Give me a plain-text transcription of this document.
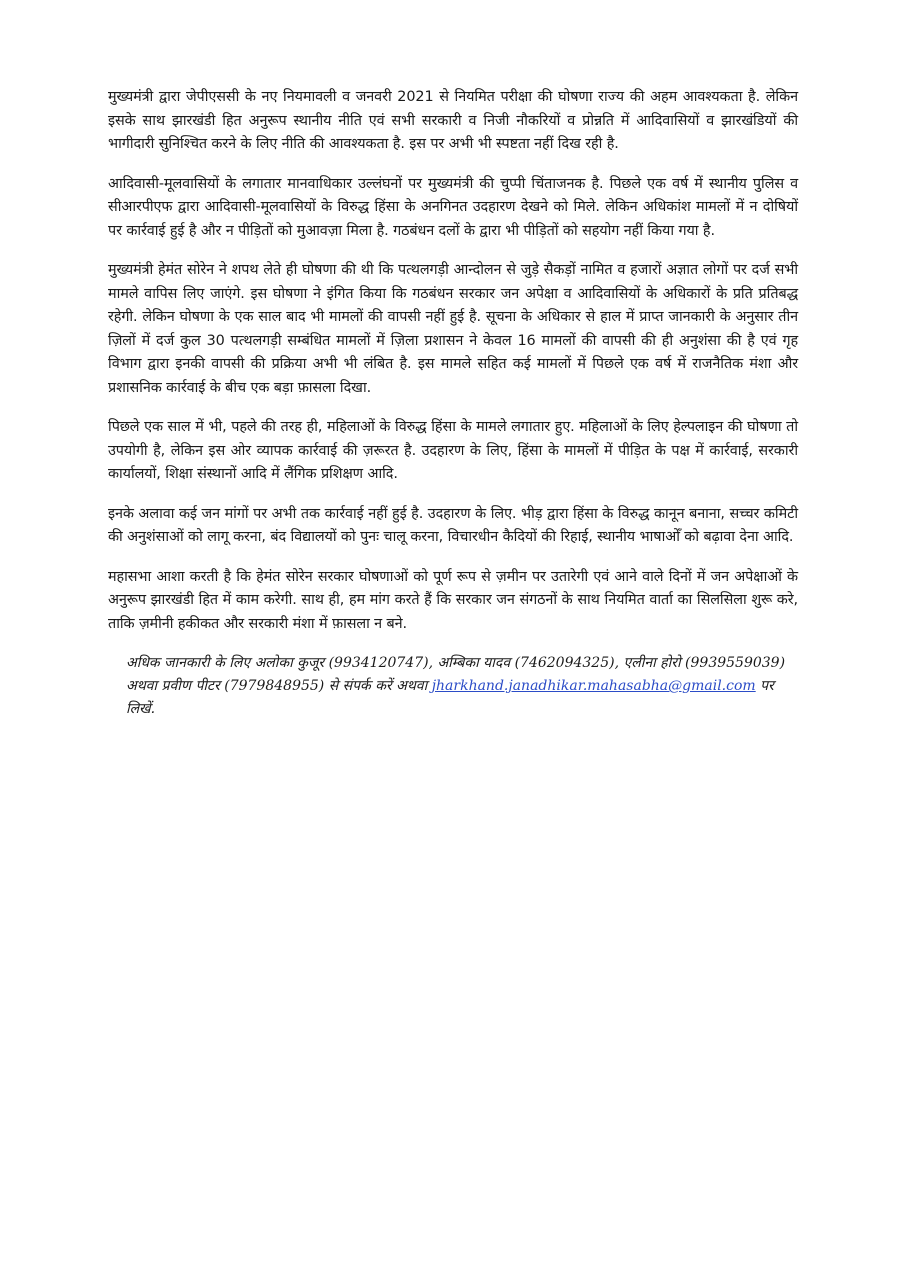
मुख्यमंत्री द्वारा जेपीएससी के नए नियमावली व जनवरी 2021 से नियमित परीक्षा की घोषणा राज्य की अहम आवश्यकता है. लेकिन इसके साथ झारखंडी हित अनुरूप स्थानीय नीति एवं सभी सरकारी व निजी नौकरियों व प्रोन्नति में आदिवासियों व झारखंडियों की भागीदारी सुनिश्चित करने के लिए नीति की आवश्यकता है. इस पर अभी भी स्पष्टता नहीं दिख रही है.

आदिवासी-मूलवासियों के लगातार मानवाधिकार उल्लंघनों पर मुख्यमंत्री की चुप्पी चिंताजनक है. पिछले एक वर्ष में स्थानीय पुलिस व सीआरपीएफ द्वारा आदिवासी-मूलवासियों के विरुद्ध हिंसा के अनगिनत उदहारण देखने को मिले. लेकिन अधिकांश मामलों में न दोषियों पर कार्रवाई हुई है और न पीड़ितों को मुआवज़ा मिला है. गठबंधन दलों के द्वारा भी पीड़ितों को सहयोग नहीं किया गया है.

मुख्यमंत्री हेमंत सोरेन ने शपथ लेते ही घोषणा की थी कि पत्थलगड़ी आन्दोलन से जुड़े सैकड़ों नामित व हजारों अज्ञात लोगों पर दर्ज सभी मामले वापिस लिए जाएंगे. इस घोषणा ने इंगित किया कि गठबंधन सरकार जन अपेक्षा व आदिवासियों के अधिकारों के प्रति प्रतिबद्ध रहेगी. लेकिन घोषणा के एक साल बाद भी मामलों की वापसी नहीं हुई है. सूचना के अधिकार से हाल में प्राप्त जानकारी के अनुसार तीन ज़िलों में दर्ज कुल 30 पत्थलगड़ी सम्बंधित मामलों में ज़िला प्रशासन ने केवल 16 मामलों की वापसी की ही अनुशंसा की है एवं गृह विभाग द्वारा इनकी वापसी की प्रक्रिया अभी भी लंबित है. इस मामले सहित कई मामलों में पिछले एक वर्ष में राजनैतिक मंशा और प्रशासनिक कार्रवाई के बीच एक बड़ा फ़ासला दिखा.

पिछले एक साल में भी, पहले की तरह ही, महिलाओं के विरुद्ध हिंसा के मामले लगातार हुए. महिलाओं के लिए हेल्पलाइन की घोषणा तो उपयोगी है, लेकिन इस ओर व्यापक कार्रवाई की ज़रूरत है. उदहारण के लिए, हिंसा के मामलों में पीड़ित के पक्ष में कार्रवाई, सरकारी कार्यालयों, शिक्षा संस्थानों आदि में लैंगिक प्रशिक्षण आदि.

इनके अलावा कई जन मांगों पर अभी तक कार्रवाई नहीं हुई है. उदहारण के लिए. भीड़ द्वारा हिंसा के विरुद्ध कानून बनाना, सच्चर कमिटी की अनुशंसाओं को लागू करना, बंद विद्यालयों को पुनः चालू करना, विचारधीन कैदियों की रिहाई, स्थानीय भाषाओँ को बढ़ावा देना आदि.

महासभा आशा करती है कि हेमंत सोरेन सरकार घोषणाओं को पूर्ण रूप से ज़मीन पर उतारेगी एवं आने वाले दिनों में जन अपेक्षाओं के अनुरूप झारखंडी हित में काम करेगी. साथ ही, हम मांग करते हैं कि सरकार जन संगठनों के साथ नियमित वार्ता का सिलसिला शुरू करे, ताकि ज़मीनी हकीकत और सरकारी मंशा में फ़ासला न बने.

अधिक जानकारी के लिए अलोका कुजूर (9934120747), अम्बिका यादव (7462094325), एलीना होरो (9939559039) अथवा प्रवीण पीटर (7979848955) से संपर्क करें अथवा jharkhand.janadhikar.mahasabha@gmail.com पर लिखें.
